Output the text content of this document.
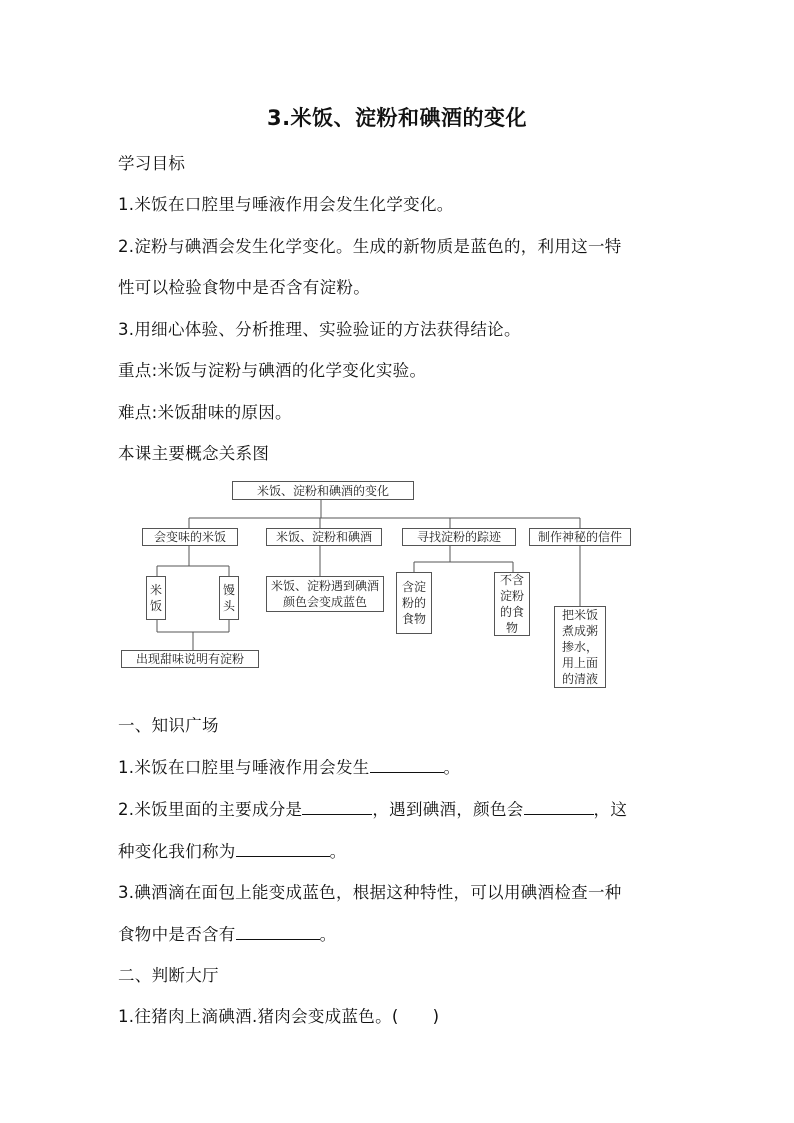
3.米饭、淀粉和碘酒的变化
学习目标
1.米饭在口腔里与唾液作用会发生化学变化。
2.淀粉与碘酒会发生化学变化。生成的新物质是蓝色的，利用这一特
性可以检验食物中是否含有淀粉。
3.用细心体验、分析推理、实验验证的方法获得结论。
重点:米饭与淀粉与碘酒的化学变化实验。
难点:米饭甜味的原因。
本课主要概念关系图
米饭、淀粉和碘酒的变化
会变味的米饭	米饭、淀粉和碘酒	寻找淀粉的踪迹	制作神秘的信件
米饭
馒头
出现甜味说明有淀粉
米饭、淀粉遇到碘酒颜色会变成蓝色
含淀粉的食物
不含淀粉的食物
把米饭煮成粥掺水，用上面的清液
一、知识广场
1.米饭在口腔里与唾液作用会发生	。
2.米饭里面的主要成分是	，遇到碘酒，颜色会	，这
种变化我们称为	。
3.碘酒滴在面包上能变成蓝色，根据这种特性，可以用碘酒检查一种
食物中是否含有	。
二、判断大厅
1.往猪肉上滴碘酒.猪肉会变成蓝色。( )
